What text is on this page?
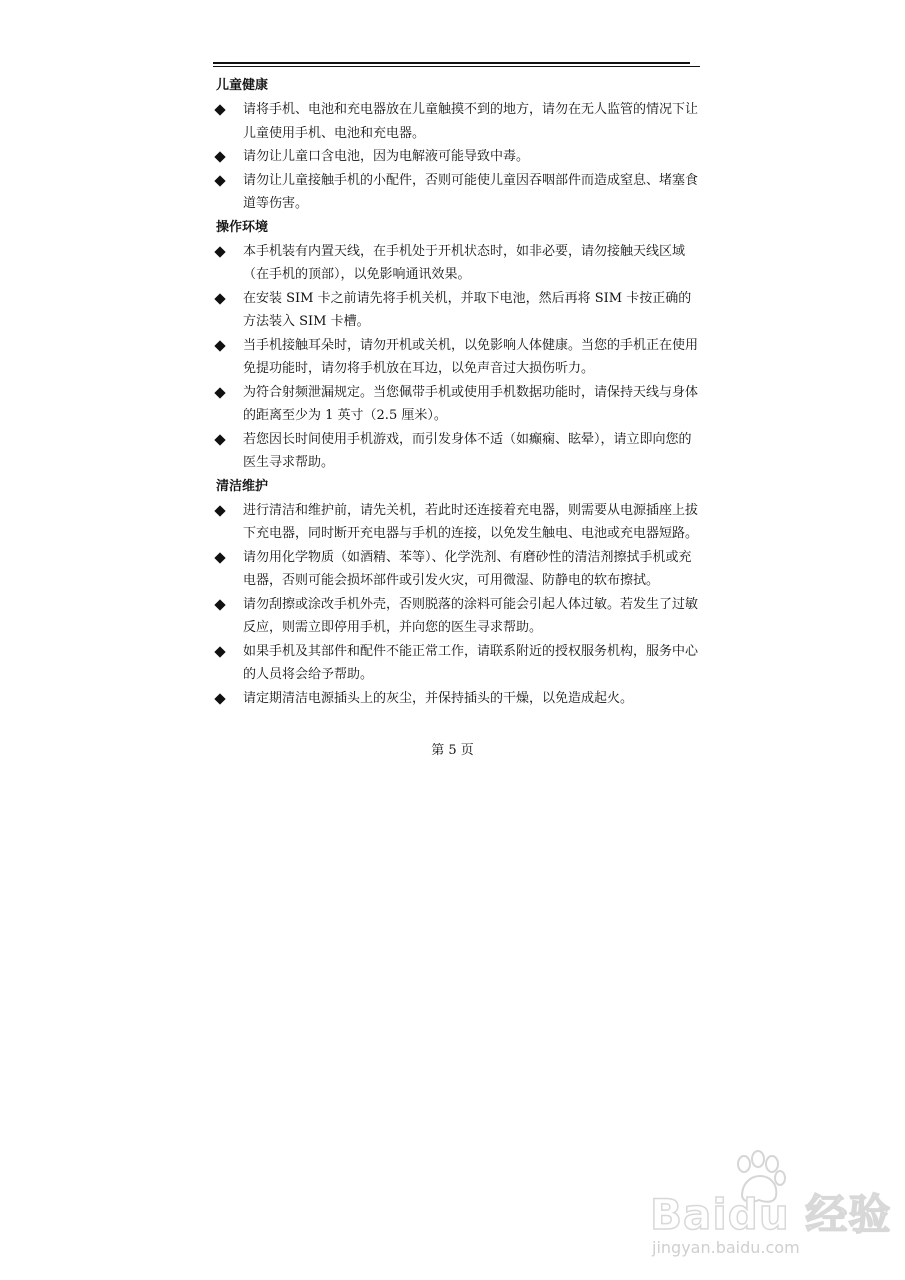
儿童健康
请将手机、电池和充电器放在儿童触摸不到的地方，请勿在无人监管的情况下让儿童使用手机、电池和充电器。
请勿让儿童口含电池，因为电解液可能导致中毒。
请勿让儿童接触手机的小配件，否则可能使儿童因吞咽部件而造成窒息、堵塞食道等伤害。
操作环境
本手机装有内置天线，在手机处于开机状态时，如非必要，请勿接触天线区域（在手机的顶部），以免影响通讯效果。
在安装 SIM 卡之前请先将手机关机，并取下电池，然后再将 SIM 卡按正确的方法装入 SIM 卡槽。
当手机接触耳朵时，请勿开机或关机，以免影响人体健康。当您的手机正在使用免提功能时，请勿将手机放在耳边，以免声音过大损伤听力。
为符合射频泄漏规定。当您佩带手机或使用手机数据功能时，请保持天线与身体的距离至少为 1 英寸（2.5 厘米）。
若您因长时间使用手机游戏，而引发身体不适（如癫痫、眩晕），请立即向您的医生寻求帮助。
清洁维护
进行清洁和维护前，请先关机，若此时还连接着充电器，则需要从电源插座上拔下充电器，同时断开充电器与手机的连接，以免发生触电、电池或充电器短路。
请勿用化学物质（如酒精、苯等）、化学洗剂、有磨砂性的清洁剂擦拭手机或充电器，否则可能会损坏部件或引发火灾，可用微湿、防静电的软布擦拭。
请勿刮擦或涂改手机外壳，否则脱落的涂料可能会引起人体过敏。若发生了过敏反应，则需立即停用手机，并向您的医生寻求帮助。
如果手机及其部件和配件不能正常工作，请联系附近的授权服务机构，服务中心的人员将会给予帮助。
请定期清洁电源插头上的灰尘，并保持插头的干燥，以免造成起火。
第 5 页
Baidu 经验
jingyan.baidu.com
